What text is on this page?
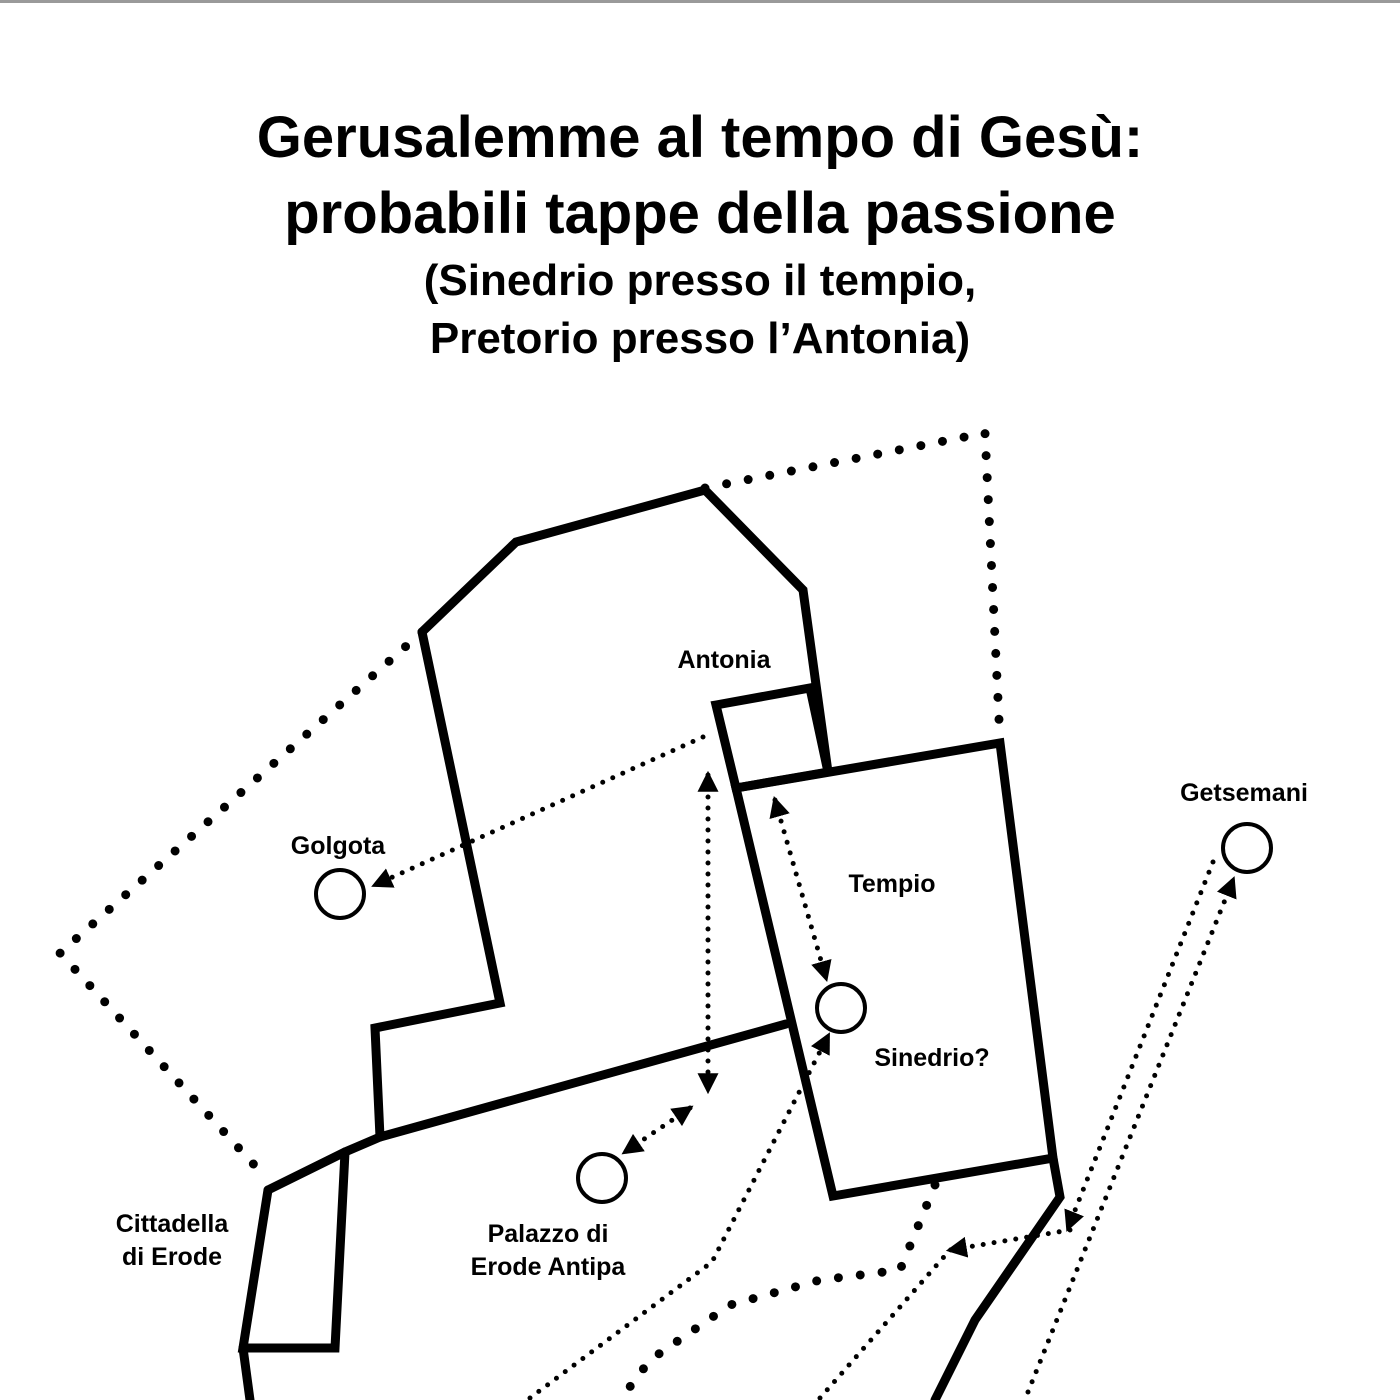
Gerusalemme al tempo di Gesù:
probabili tappe della passione
(Sinedrio presso il tempio,
Pretorio presso l’Antonia)
Antonia
Getsemani
Golgota
Tempio
Sinedrio?
Cittadella
di Erode
Palazzo di
Erode Antipa
